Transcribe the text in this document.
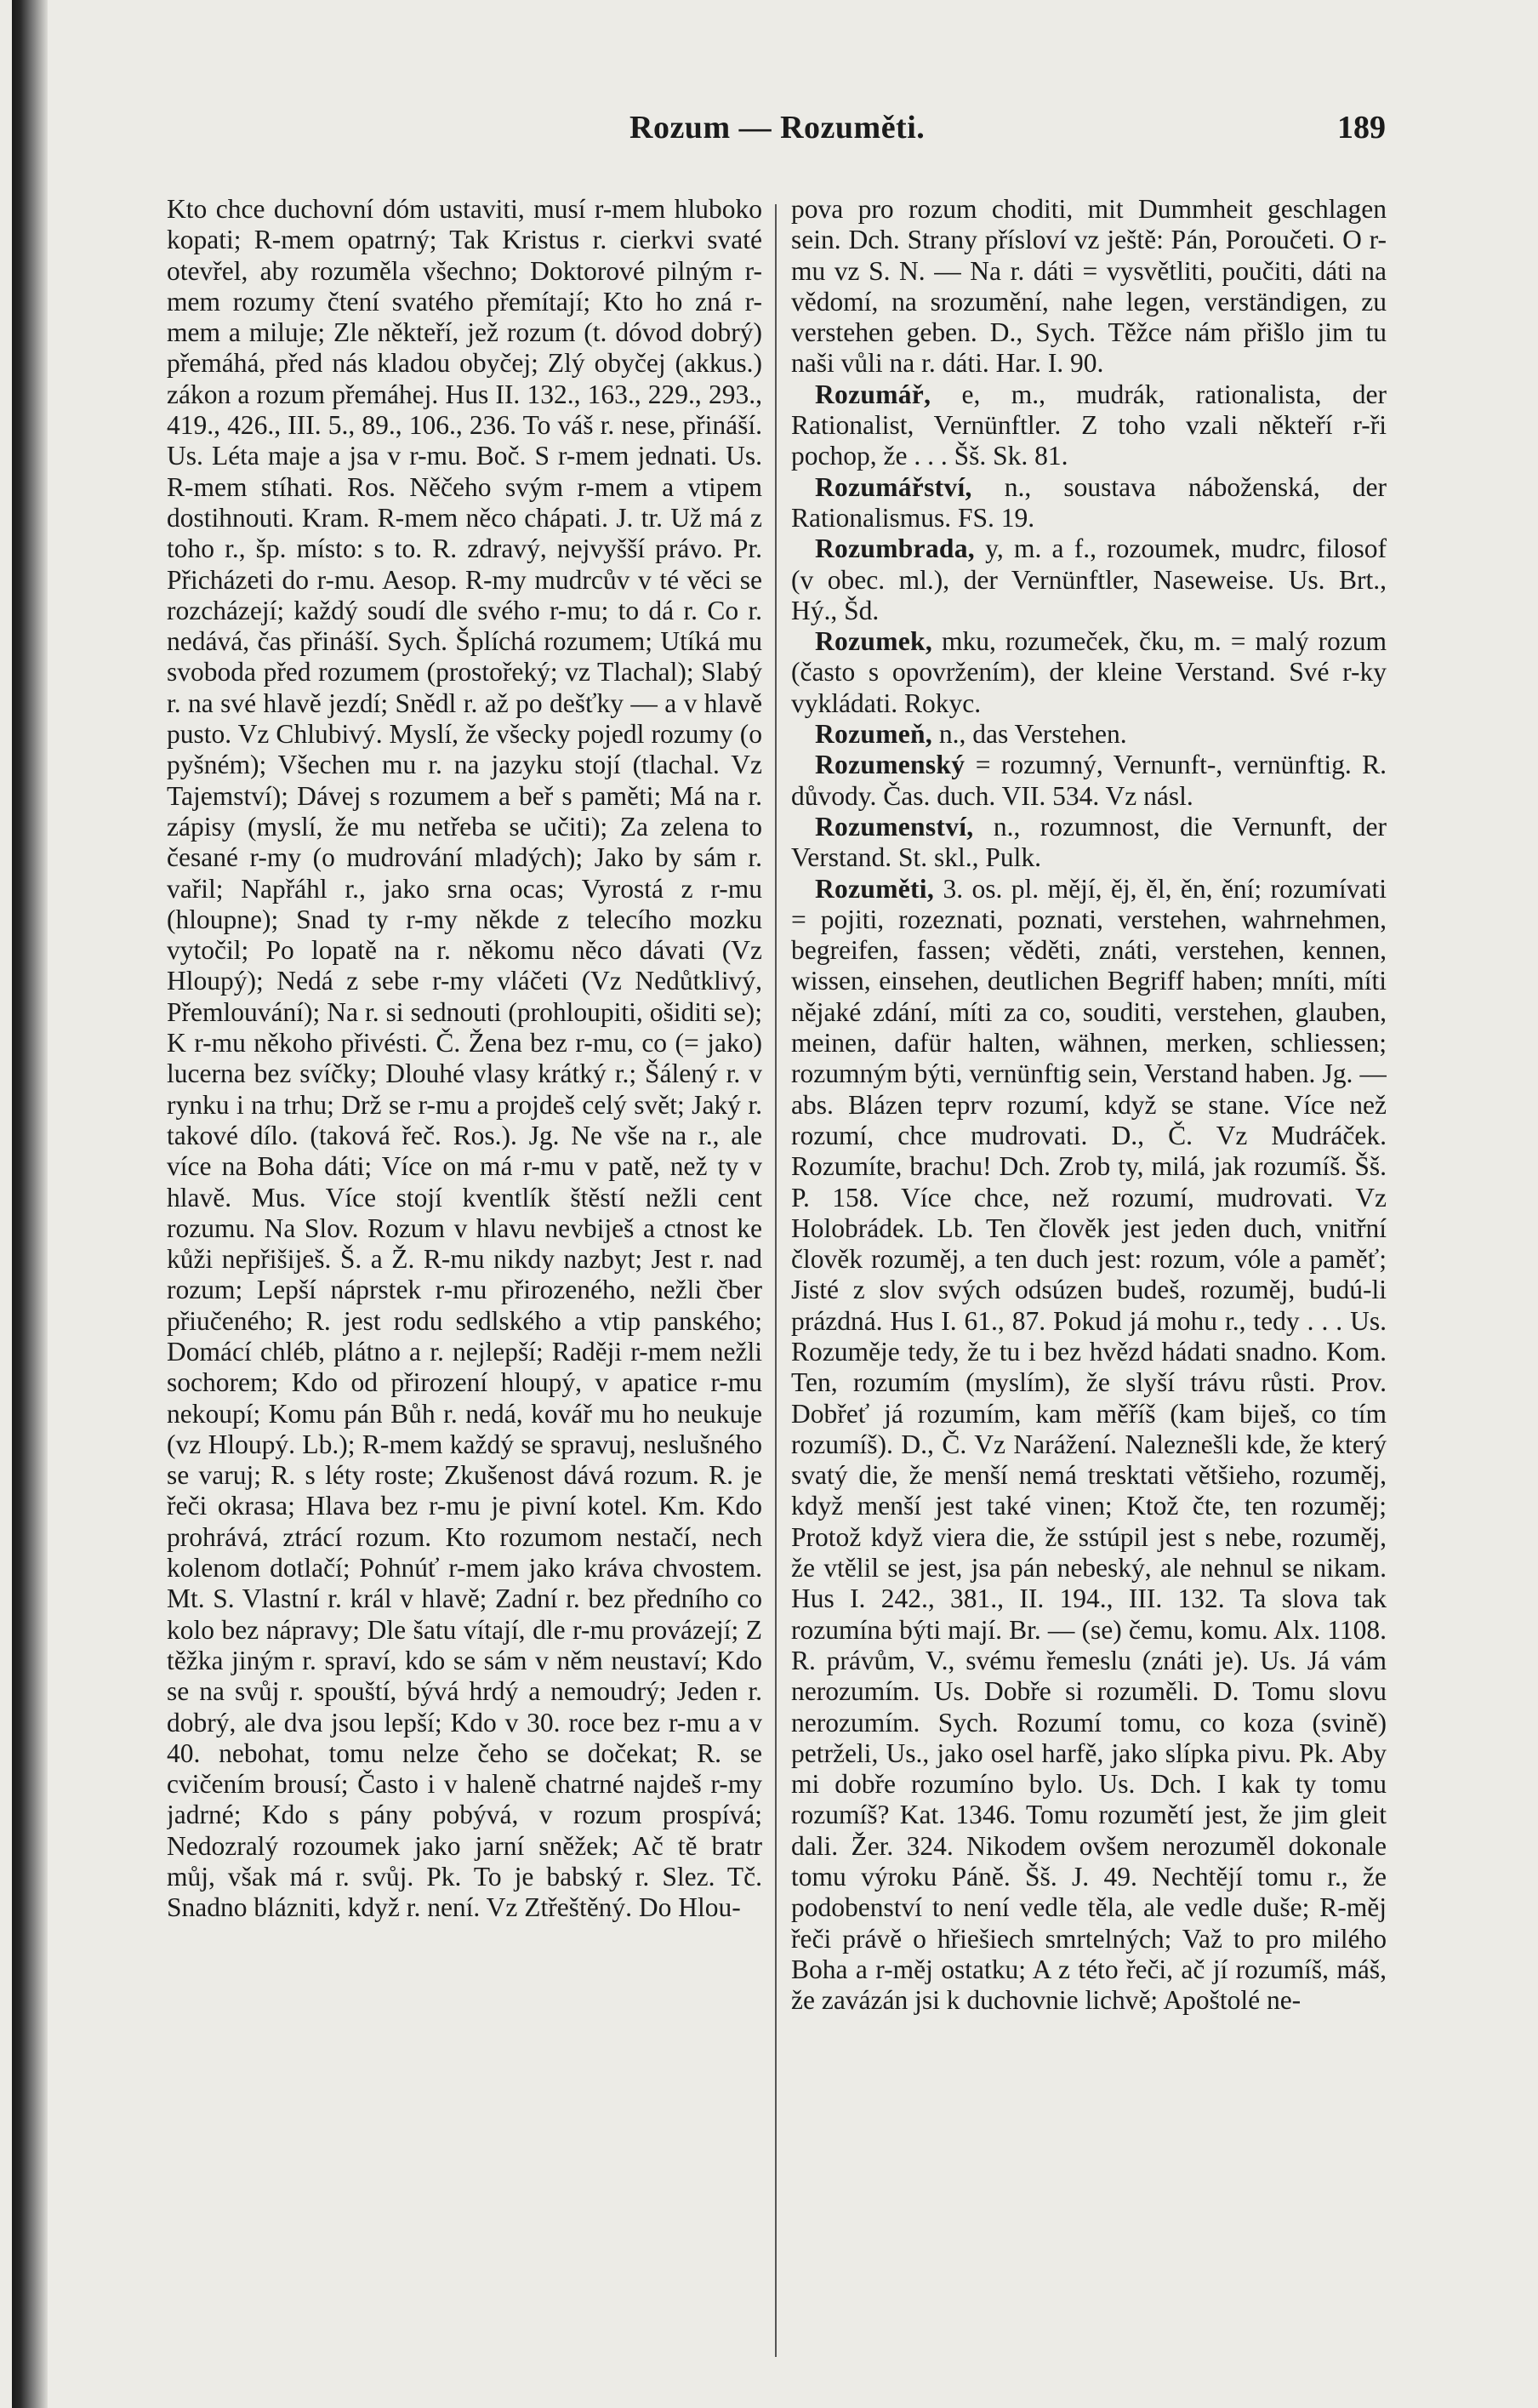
Rozum — Rozuměti.	189

Kto chce duchovní dóm ustaviti, musí r-mem hluboko kopati; R-mem opatrný; Tak Kristus r. cierkvi svaté otevřel, aby rozuměla všechno; Doktorové pilným r-mem rozumy čtení svatého přemítají; Kto ho zná r-mem a miluje; Zle někteří, jež rozum (t. dóvod dobrý) přemáhá, před nás kladou obyčej; Zlý obyčej (akkus.) zákon a rozum přemáhej. Hus II. 132., 163., 229., 293., 419., 426., III. 5., 89., 106., 236. To váš r. nese, přináší. Us. Léta maje a jsa v r-mu. Boč. S r-mem jednati. Us. R-mem stíhati. Ros. Něčeho svým r-mem a vtipem dostihnouti. Kram. R-mem něco chápati. J. tr. Už má z toho r., šp. místo: s to. R. zdravý, nejvyšší právo. Pr. Přicházeti do r-mu. Aesop. R-my mudrcův v té věci se rozcházejí; každý soudí dle svého r-mu; to dá r. Co r. nedává, čas přináší. Sych. Šplíchá rozumem; Utíká mu svoboda před rozumem (prostořeký; vz Tlachal); Slabý r. na své hlavě jezdí; Snědl r. až po dešťky — a v hlavě pusto. Vz Chlubivý. Myslí, že všecky pojedl rozumy (o pyšném); Všechen mu r. na jazyku stojí (tlachal. Vz Tajemství); Dávej s rozumem a beř s paměti; Má na r. zápisy (myslí, že mu netřeba se učiti); Za zelena to česané r-my (o mudrování mladých); Jako by sám r. vařil; Napřáhl r., jako srna ocas; Vyrostá z r-mu (hloupne); Snad ty r-my někde z telecího mozku vytočil; Po lopatě na r. někomu něco dávati (Vz Hloupý); Nedá z sebe r-my vláčeti (Vz Nedůtklivý, Přemlouvání); Na r. si sednouti (prohloupiti, ošiditi se); K r-mu někoho přivésti. Č. Žena bez r-mu, co (= jako) lucerna bez svíčky; Dlouhé vlasy krátký r.; Šálený r. v rynku i na trhu; Drž se r-mu a projdeš celý svět; Jaký r. takové dílo. (taková řeč. Ros.). Jg. Ne vše na r., ale více na Boha dáti; Více on má r-mu v patě, než ty v hlavě. Mus. Více stojí kventlík štěstí nežli cent rozumu. Na Slov. Rozum v hlavu nevbiješ a ctnost ke kůži nepřišiješ. Š. a Ž. R-mu nikdy nazbyt; Jest r. nad rozum; Lepší náprstek r-mu přirozeného, nežli čber přiučeného; R. jest rodu sedlského a vtip panského; Domácí chléb, plátno a r. nejlepší; Raději r-mem nežli sochorem; Kdo od přirození hloupý, v apatice r-mu nekoupí; Komu pán Bůh r. nedá, kovář mu ho neukuje (vz Hloupý. Lb.); R-mem každý se spravuj, neslušného se varuj; R. s léty roste; Zkušenost dává rozum. R. je řeči okrasa; Hlava bez r-mu je pivní kotel. Km. Kdo prohrává, ztrácí rozum. Kto rozumom nestačí, nech kolenom dotlačí; Pohnúť r-mem jako kráva chvostem. Mt. S. Vlastní r. král v hlavě; Zadní r. bez předního co kolo bez nápravy; Dle šatu vítají, dle r-mu provázejí; Z těžka jiným r. spraví, kdo se sám v něm neustaví; Kdo se na svůj r. spouští, bývá hrdý a nemoudrý; Jeden r. dobrý, ale dva jsou lepší; Kdo v 30. roce bez r-mu a v 40. nebohat, tomu nelze čeho se dočekat; R. se cvičením brousí; Často i v haleně chatrné najdeš r-my jadrné; Kdo s pány pobývá, v rozum prospívá; Nedozralý rozoumek jako jarní sněžek; Ač tě bratr můj, však má r. svůj. Pk. To je babský r. Slez. Tč. Snadno blázniti, když r. není. Vz Ztřeštěný. Do Hlou-

pova pro rozum choditi, mit Dummheit geschlagen sein. Dch. Strany přísloví vz ještě: Pán, Poroučeti. O r-mu vz S. N. — Na r. dáti = vysvětliti, poučiti, dáti na vědomí, na srozumění, nahe legen, verständigen, zu verstehen geben. D., Sych. Těžce nám přišlo jim tu naši vůli na r. dáti. Har. I. 90.

Rozumář, e, m., mudrák, rationalista, der Rationalist, Vernünftler. Z toho vzali někteří r-ři pochop, že . . . Šš. Sk. 81.

Rozumářství, n., soustava náboženská, der Rationalismus. FS. 19.

Rozumbrada, y, m. a f., rozoumek, mudrc, filosof (v obec. ml.), der Vernünftler, Naseweise. Us. Brt., Hý., Šd.

Rozumek, mku, rozumeček, čku, m. = malý rozum (často s opovržením), der kleine Verstand. Své r-ky vykládati. Rokyc.

Rozumeň, n., das Verstehen.

Rozumenský = rozumný, Vernunft-, vernünftig. R. důvody. Čas. duch. VII. 534. Vz násl.

Rozumenství, n., rozumnost, die Vernunft, der Verstand. St. skl., Pulk.

Rozuměti, 3. os. pl. mějí, ěj, ěl, ěn, ění; rozumívati = pojiti, rozeznati, poznati, verstehen, wahrnehmen, begreifen, fassen; věděti, znáti, verstehen, kennen, wissen, einsehen, deutlichen Begriff haben; mníti, míti nějaké zdání, míti za co, souditi, verstehen, glauben, meinen, dafür halten, wähnen, merken, schliessen; rozumným býti, vernünftig sein, Verstand haben. Jg. — abs. Blázen teprv rozumí, když se stane. Více než rozumí, chce mudrovati. D., Č. Vz Mudráček. Rozumíte, brachu! Dch. Zrob ty, milá, jak rozumíš. Šš. P. 158. Více chce, než rozumí, mudrovati. Vz Holobrádek. Lb. Ten člověk jest jeden duch, vnitřní člověk rozuměj, a ten duch jest: rozum, vóle a paměť; Jisté z slov svých odsúzen budeš, rozuměj, budú-li prázdná. Hus I. 61., 87. Pokud já mohu r., tedy . . . Us. Rozuměje tedy, že tu i bez hvězd hádati snadno. Kom. Ten, rozumím (myslím), že slyší trávu růsti. Prov. Dobřeť já rozumím, kam měříš (kam biješ, co tím rozumíš). D., Č. Vz Narážení. Naleznešli kde, že který svatý die, že menší nemá tresktati většieho, rozuměj, když menší jest také vinen; Ktož čte, ten rozuměj; Protož když viera die, že sstúpil jest s nebe, rozuměj, že vtělil se jest, jsa pán nebeský, ale nehnul se nikam. Hus I. 242., 381., II. 194., III. 132. Ta slova tak rozumína býti mají. Br. — (se) čemu, komu. Alx. 1108. R. právům, V., svému řemeslu (znáti je). Us. Já vám nerozumím. Us. Dobře si rozuměli. D. Tomu slovu nerozumím. Sych. Rozumí tomu, co koza (svině) petrželi, Us., jako osel harfě, jako slípka pivu. Pk. Aby mi dobře rozumíno bylo. Us. Dch. I kak ty tomu rozumíš? Kat. 1346. Tomu rozumětí jest, že jim gleit dali. Žer. 324. Nikodem ovšem nerozuměl dokonale tomu výroku Páně. Šš. J. 49. Nechtějí tomu r., že podobenství to není vedle těla, ale vedle duše; R-měj řeči právě o hřiešiech smrtelných; Važ to pro milého Boha a r-měj ostatku; A z této řeči, ač jí rozumíš, máš, že zavázán jsi k duchovnie lichvě; Apoštolé ne-
